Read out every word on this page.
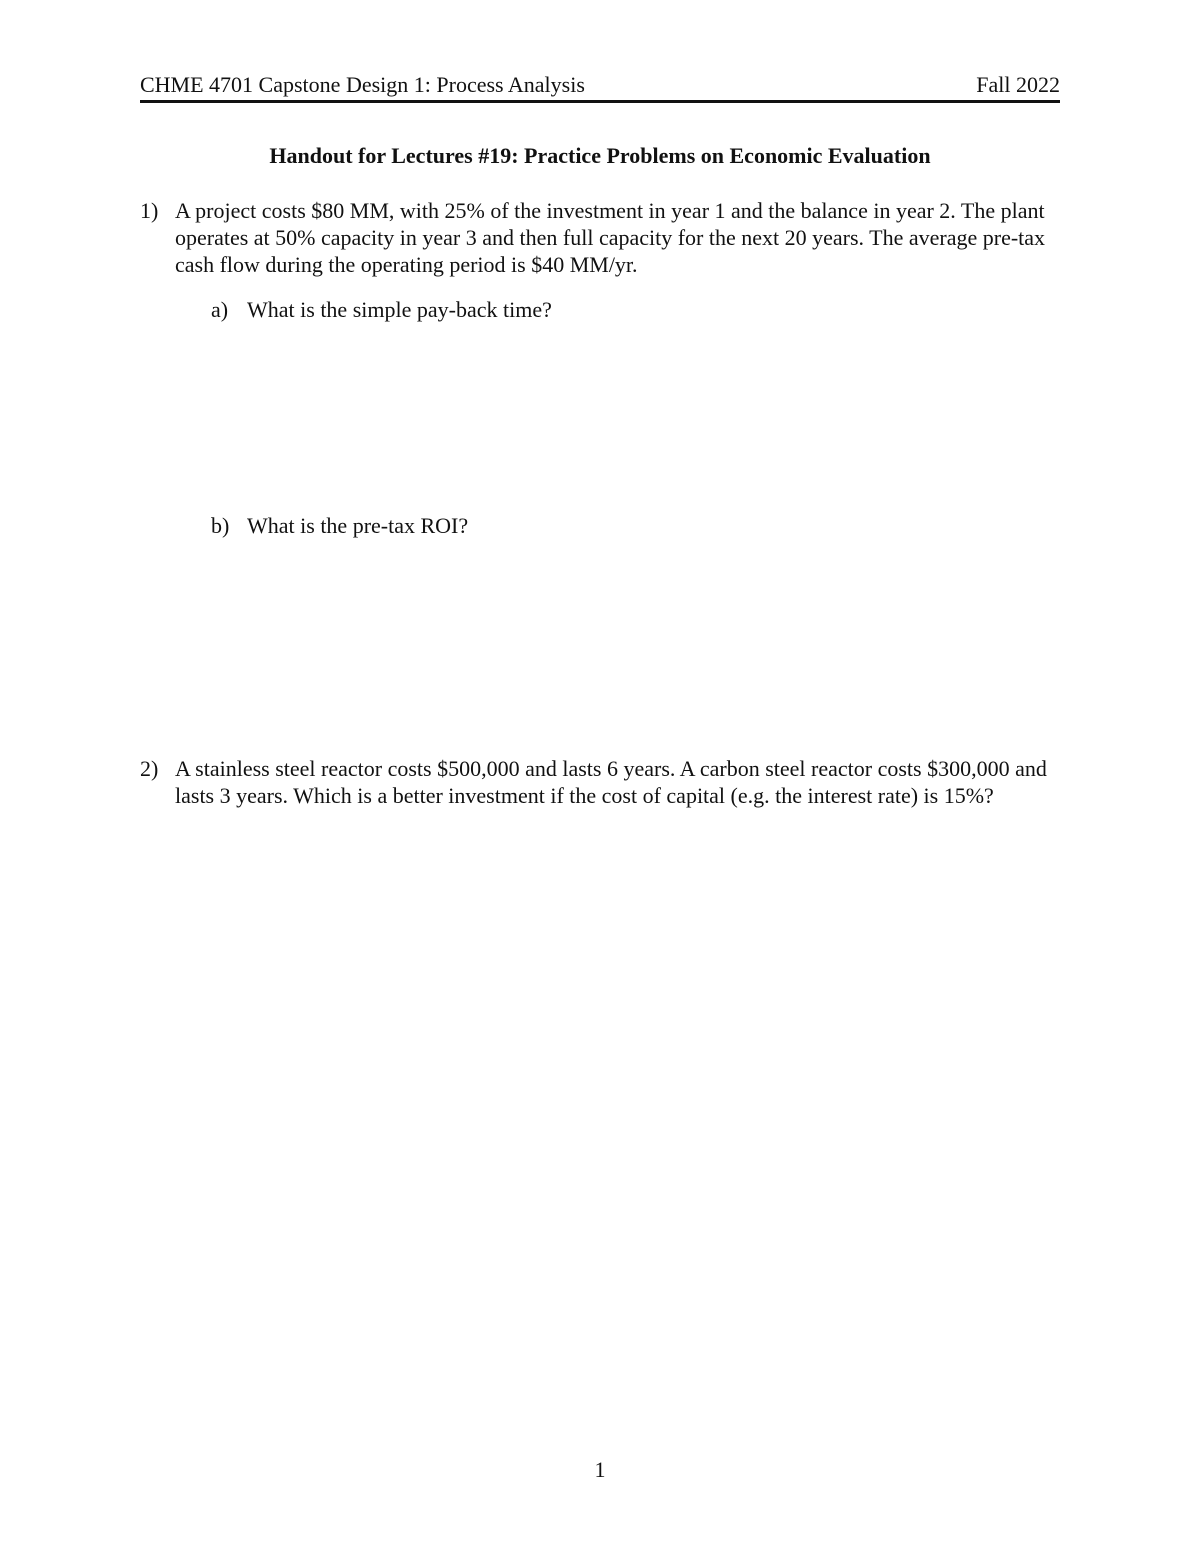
CHME 4701 Capstone Design 1: Process Analysis	Fall 2022
Handout for Lectures #19: Practice Problems on Economic Evaluation
1) A project costs $80 MM, with 25% of the investment in year 1 and the balance in year 2. The plant operates at 50% capacity in year 3 and then full capacity for the next 20 years. The average pre-tax cash flow during the operating period is $40 MM/yr.
a) What is the simple pay-back time?
b) What is the pre-tax ROI?
2) A stainless steel reactor costs $500,000 and lasts 6 years. A carbon steel reactor costs $300,000 and lasts 3 years. Which is a better investment if the cost of capital (e.g. the interest rate) is 15%?
1
